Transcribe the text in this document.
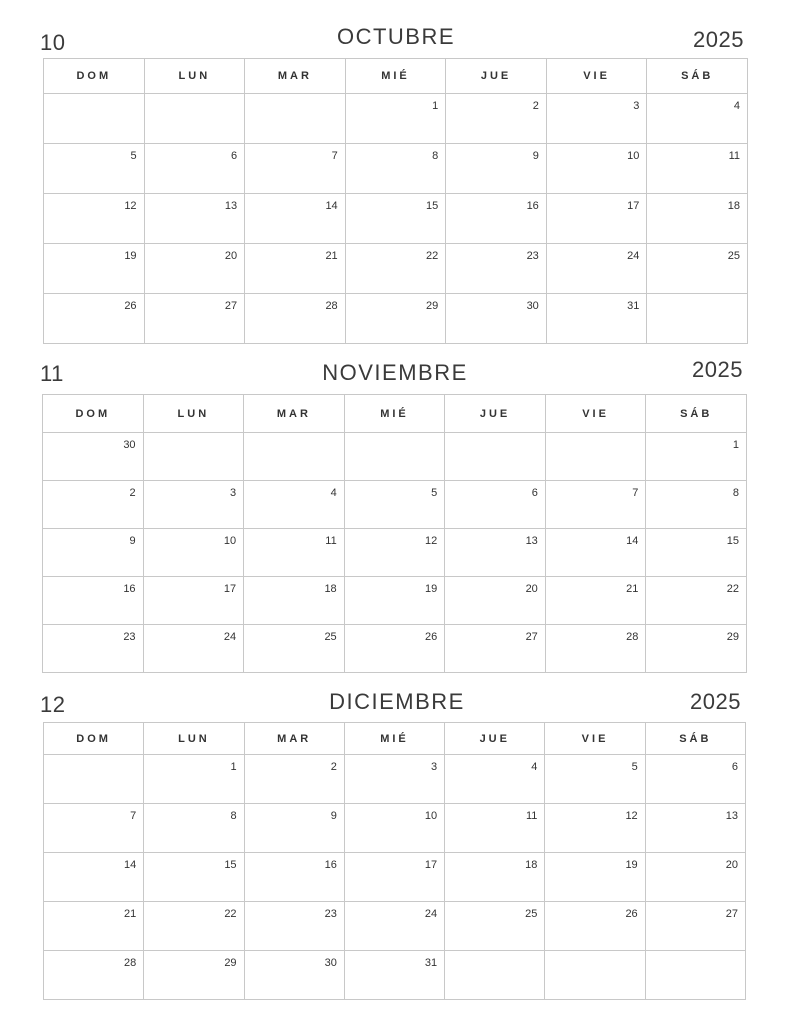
10	OCTUBRE	2025
DOM	LUN	MAR	MIÉ	JUE	VIE	SÁB

			1	2	3	4

5	6	7	8	9	10	11

12	13	14	15	16	17	18

19	20	21	22	23	24	25

26	27	28	29	30	31	

11	NOVIEMBRE	2025
DOM	LUN	MAR	MIÉ	JUE	VIE	SÁB

30						1

2	3	4	5	6	7	8

9	10	11	12	13	14	15

16	17	18	19	20	21	22

23	24	25	26	27	28	29
12	DICIEMBRE	2025
DOM	LUN	MAR	MIÉ	JUE	VIE	SÁB

	1	2	3	4	5	6

7	8	9	10	11	12	13

14	15	16	17	18	19	20

21	22	23	24	25	26	27

28	29	30	31			
